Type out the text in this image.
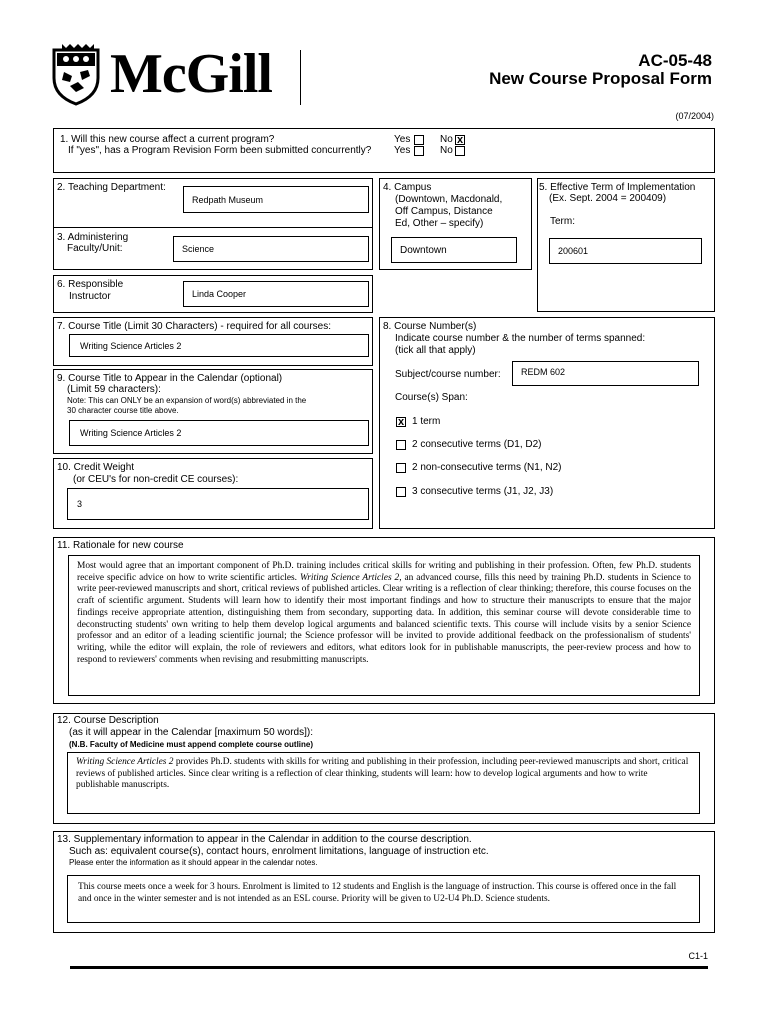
McGill	AC-05-48
New Course Proposal Form
(07/2004)
1. Will this new course affect a current program?
If "yes", has a Program Revision Form been submitted concurrently?
Yes	No x
Yes	No
2. Teaching Department:
Redpath Museum
3. Administering
Faculty/Unit:	Science
4. Campus
(Downtown, Macdonald,
Off Campus, Distance
Ed, Other – specify)
Downtown
5. Effective Term of Implementation
(Ex. Sept. 2004 = 200409)
Term:
200601
6. Responsible
Instructor	Linda Cooper
7. Course Title (Limit 30 Characters) - required for all courses:
Writing Science Articles 2
9. Course Title to Appear in the Calendar (optional)
(Limit 59 characters):
Note: This can ONLY be an expansion of word(s) abbreviated in the
30 character course title above.
Writing Science Articles 2
10. Credit Weight
(or CEU's for non-credit CE courses):
3
8. Course Number(s)
Indicate course number & the number of terms spanned:
(tick all that apply)
Subject/course number:	REDM 602
Course(s) Span:
x 1 term
2 consecutive terms (D1, D2)
2 non-consecutive terms (N1, N2)
3 consecutive terms (J1, J2, J3)
11. Rationale for new course
Most would agree that an important component of Ph.D. training includes critical skills for writing and publishing in their profession. Often, few Ph.D. students receive specific advice on how to write scientific articles. Writing Science Articles 2, an advanced course, fills this need by training Ph.D. students in Science to write peer-reviewed manuscripts and short, critical reviews of published articles. Clear writing is a reflection of clear thinking; therefore, this course focuses on the craft of scientific argument. Students will learn how to identify their most important findings and how to structure their manuscripts to ensure that the major findings receive appropriate attention, distinguishing them from secondary, supporting data. In addition, this seminar course will devote considerable time to deconstructing students' own writing to help them develop logical arguments and balanced scientific texts. This course will include visits by a senior Science professor and an editor of a leading scientific journal; the Science professor will be invited to provide additional feedback on the professionalism of students' writing, while the editor will explain, the role of reviewers and editors, what editors look for in publishable manuscripts, the peer-review process and how to respond to reviewers' comments when revising and resubmitting manuscripts.
12. Course Description
(as it will appear in the Calendar [maximum 50 words]):
(N.B. Faculty of Medicine must append complete course outline)
Writing Science Articles 2 provides Ph.D. students with skills for writing and publishing in their profession, including peer-reviewed manuscripts and short, critical reviews of published articles. Since clear writing is a reflection of clear thinking, students will learn: how to develop logical arguments and how to write publishable manuscripts.
13. Supplementary information to appear in the Calendar in addition to the course description.
Such as: equivalent course(s), contact hours, enrolment limitations, language of instruction etc.
Please enter the information as it should appear in the calendar notes.
This course meets once a week for 3 hours. Enrolment is limited to 12 students and English is the language of instruction. This course is offered once in the fall and once in the winter semester and is not intended as an ESL course. Priority will be given to U2-U4 Ph.D. Science students.
C1-1
